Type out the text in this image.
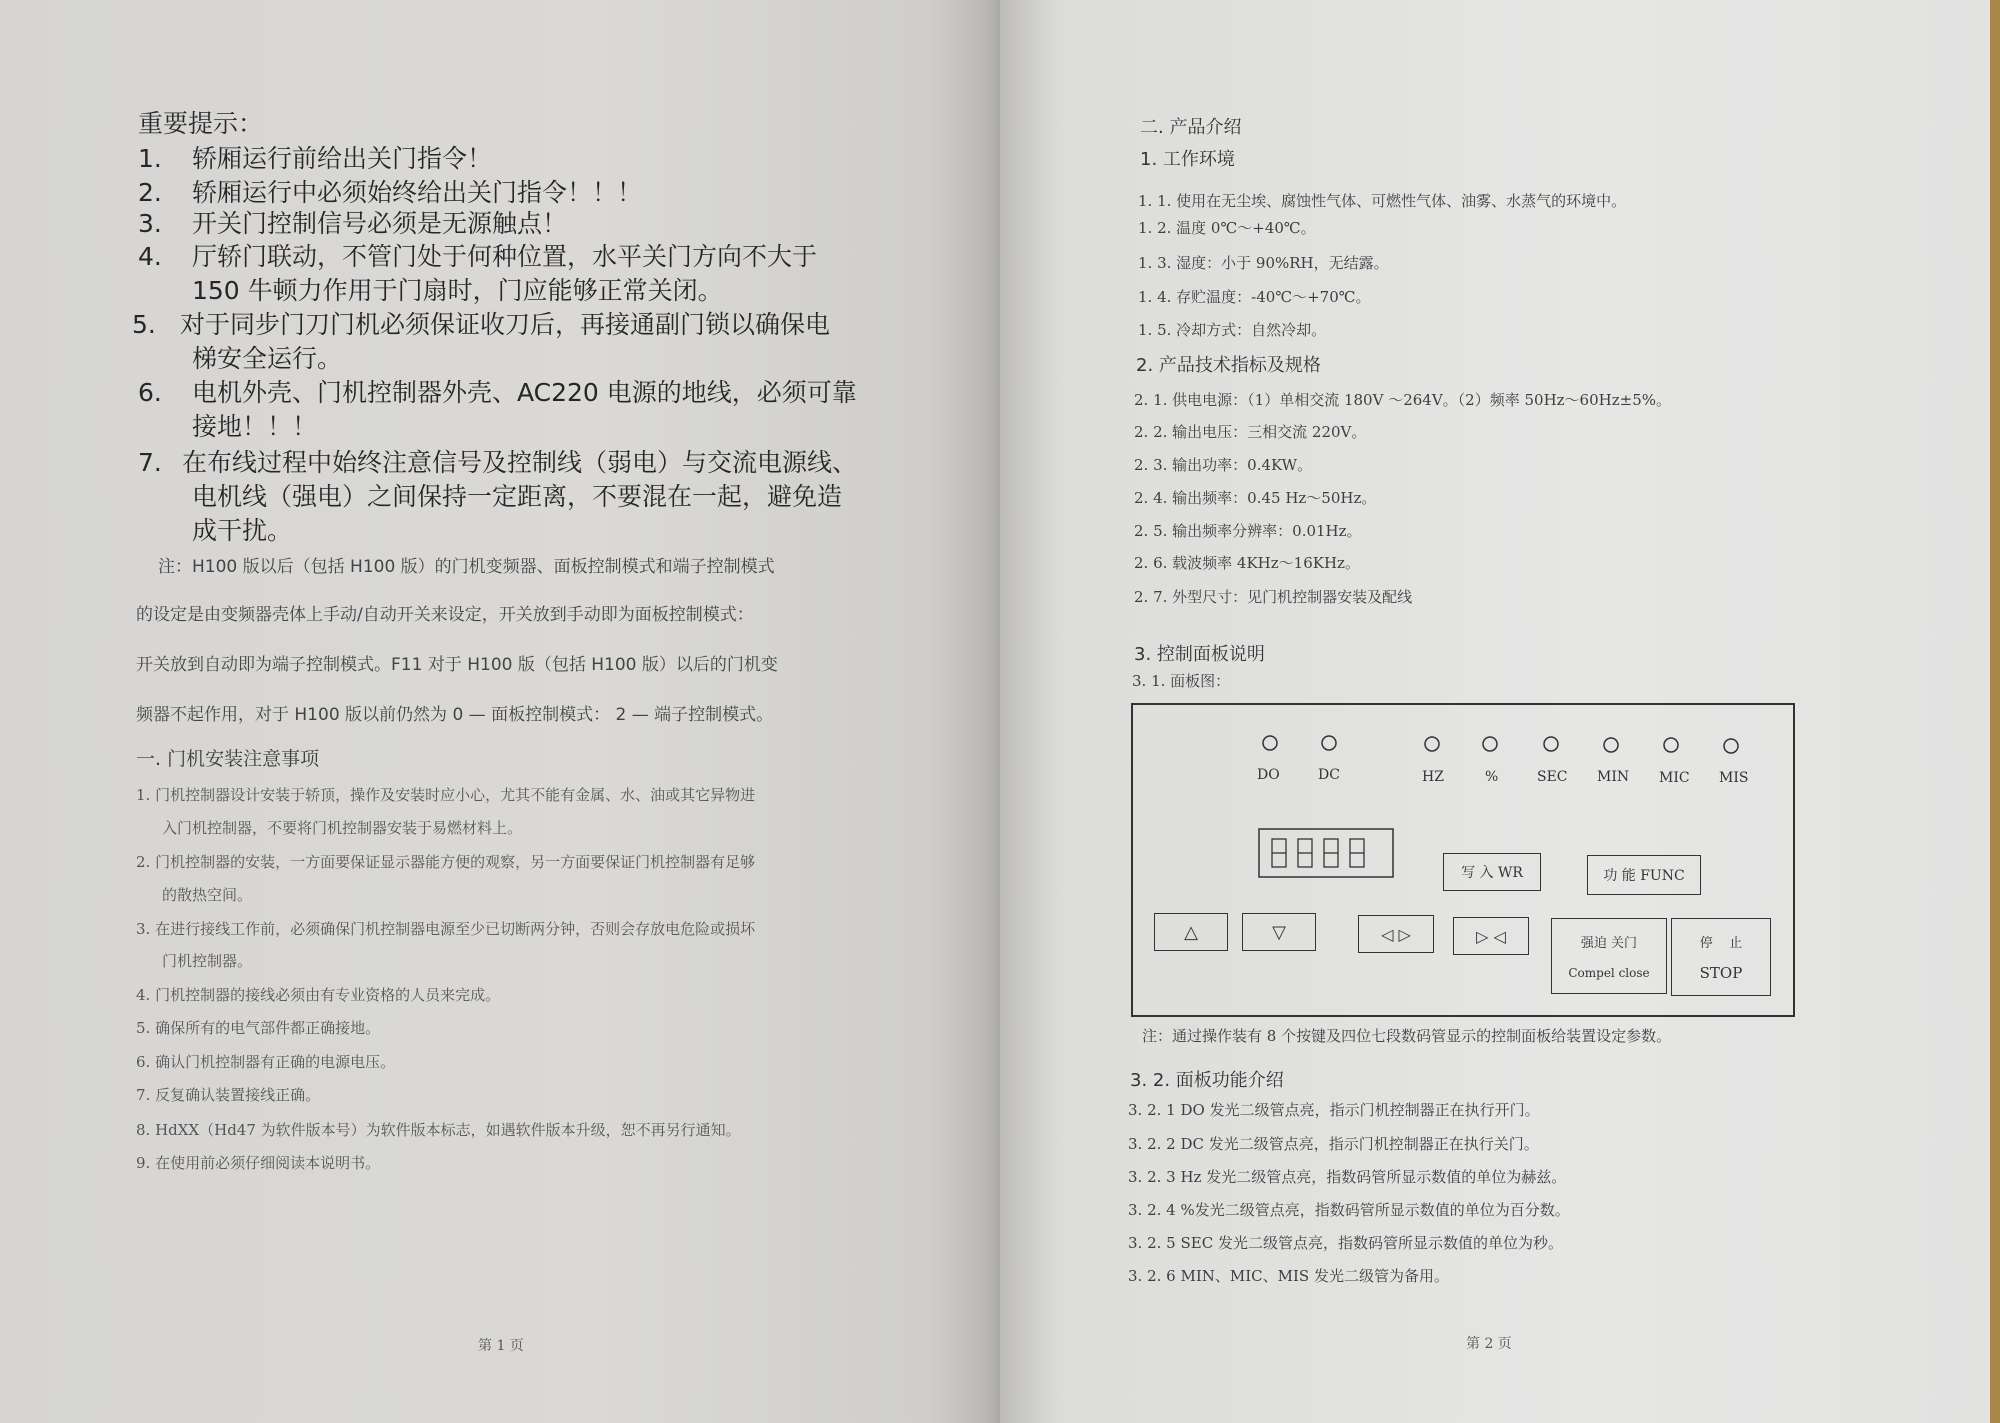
重要提示：
1. 轿厢运行前给出关门指令！
2. 轿厢运行中必须始终给出关门指令！！！
3. 开关门控制信号必须是无源触点！
4. 厅轿门联动，不管门处于何种位置，水平关门方向不大于
150 牛顿力作用于门扇时，门应能够正常关闭。
5. 对于同步门刀门机必须保证收刀后，再接通副门锁以确保电
梯安全运行。
6. 电机外壳、门机控制器外壳、AC220 电源的地线，必须可靠
接地！！！
7. 在布线过程中始终注意信号及控制线（弱电）与交流电源线、
电机线（强电）之间保持一定距离，不要混在一起，避免造
成干扰。
注：H100 版以后（包括 H100 版）的门机变频器、面板控制模式和端子控制模式
的设定是由变频器壳体上手动/自动开关来设定，开关放到手动即为面板控制模式：
开关放到自动即为端子控制模式。F11 对于 H100 版（包括 H100 版）以后的门机变
频器不起作用，对于 H100 版以前仍然为 0 — 面板控制模式： 2 — 端子控制模式。
一. 门机安装注意事项
1. 门机控制器设计安装于轿顶，操作及安装时应小心，尤其不能有金属、水、油或其它异物进
入门机控制器，不要将门机控制器安装于易燃材料上。
2. 门机控制器的安装，一方面要保证显示器能方便的观察，另一方面要保证门机控制器有足够
的散热空间。
3. 在进行接线工作前，必须确保门机控制器电源至少已切断两分钟，否则会存放电危险或损坏
门机控制器。
4. 门机控制器的接线必须由有专业资格的人员来完成。
5. 确保所有的电气部件都正确接地。
6. 确认门机控制器有正确的电源电压。
7. 反复确认装置接线正确。
8. HdXX（Hd47 为软件版本号）为软件版本标志，如遇软件版本升级，恕不再另行通知。
9. 在使用前必须仔细阅读本说明书。
第 1 页
二. 产品介绍
1. 工作环境
1. 1. 使用在无尘埃、腐蚀性气体、可燃性气体、油雾、水蒸气的环境中。
1. 2. 温度 0℃～+40℃。
1. 3. 湿度：小于 90%RH，无结露。
1. 4. 存贮温度：-40℃～+70℃。
1. 5. 冷却方式：自然冷却。
2. 产品技术指标及规格
2. 1. 供电电源：（1）单相交流 180V ～264V。（2）频率 50Hz～60Hz±5%。
2. 2. 输出电压：三相交流 220V。
2. 3. 输出功率：0.4KW。
2. 4. 输出频率：0.45 Hz～50Hz。
2. 5. 输出频率分辨率：0.01Hz。
2. 6. 载波频率 4KHz～16KHz。
2. 7. 外型尺寸：见门机控制器安装及配线
3. 控制面板说明
3. 1. 面板图：
DO	DC	HZ	%	SEC MIN MIC MIS
写 入 WR	功 能 FUNC
△	▽	◁ ▷	▷ ◁	强迫 关门
Compel close
停    止
STOP
注：通过操作装有 8 个按键及四位七段数码管显示的控制面板给装置设定参数。
3. 2. 面板功能介绍
3. 2. 1 DO 发光二级管点亮，指示门机控制器正在执行开门。
3. 2. 2 DC 发光二级管点亮，指示门机控制器正在执行关门。
3. 2. 3 Hz 发光二级管点亮，指数码管所显示数值的单位为赫兹。
3. 2. 4 %发光二级管点亮，指数码管所显示数值的单位为百分数。
3. 2. 5 SEC 发光二级管点亮，指数码管所显示数值的单位为秒。
3. 2. 6 MIN、MIC、MIS 发光二级管为备用。
第 2 页
